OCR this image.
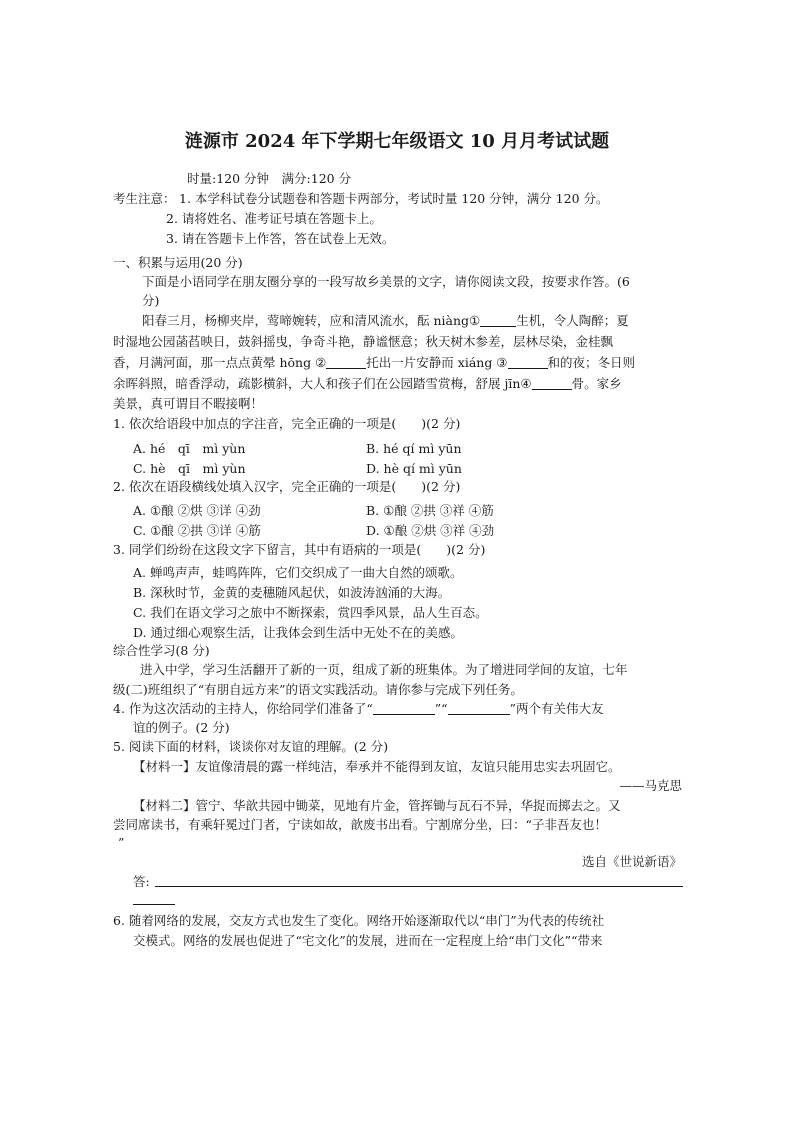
涟源市 2024 年下学期七年级语文 10 月月考试试题
时量:120 分钟　满分:120 分
考生注意： 1. 本学科试卷分试题卷和答题卡两部分，考试时量 120 分钟，满分 120 分。
2. 请将姓名、准考证号填在答题卡上。
3. 请在答题卡上作答，答在试卷上无效。
一、积累与运用(20 分)
下面是小语同学在朋友圈分享的一段写故乡美景的文字，请你阅读文段，按要求作答。(6
分)
阳春三月，杨柳夹岸，莺啼婉转，应和清风流水，酝 niàng①	生机，令人陶醉；夏
时湿地公园菡萏映日，鼓斜摇曳，争奇斗艳，静谧惬意；秋天树木参差，层林尽染，金桂飘
香，月满河面，那一点点黄晕 hōng ②	托出一片安静而 xiáng ③	和的夜；冬日则
余晖斜照，暗香浮动，疏影横斜，大人和孩子们在公园踏雪赏梅，舒展 jīn④	骨。家乡
美景，真可谓目不暇接啊！
1. 依次给语段中加点的字注音，完全正确的一项是(　　)(2 分)
A. hé　qī　mì yùn	B. hé qí mì yūn
C. hè　qī　mì yùn	D. hè qí mì yūn
2. 依次在语段横线处填入汉字，完全正确的一项是(　　)(2 分)
A. ①酿 ②烘 ③详 ④劲	B. ①酿 ②拱 ③祥 ④筋
C. ①酿 ②拱 ③详 ④筋	D. ①酿 ②烘 ③祥 ④劲
3. 同学们纷纷在这段文字下留言，其中有语病的一项是(　　)(2 分)
A. 蝉鸣声声，蛙鸣阵阵，它们交织成了一曲大自然的颂歌。
B. 深秋时节，金黄的麦穗随风起伏，如波涛汹涌的大海。
C. 我们在语文学习之旅中不断探索，赏四季风景，品人生百态。
D. 通过细心观察生活，让我体会到生活中无处不在的美感。
综合性学习(8 分)
进入中学，学习生活翻开了新的一页，组成了新的班集体。为了增进同学间的友谊，七年
级(二)班组织了“有朋自远方来”的语文实践活动。请你参与完成下列任务。
4. 作为这次活动的主持人，你给同学们准备了“	”“	”两个有关伟大友
谊的例子。(2 分)
5. 阅读下面的材料，谈谈你对友谊的理解。(2 分)
【材料一】友谊像清晨的露一样纯洁，奉承并不能得到友谊，友谊只能用忠实去巩固它。
——马克思
【材料二】管宁、华歆共园中锄菜，见地有片金，管挥锄与瓦石不异，华捉而掷去之。又
尝同席读书，有乘轩冕过门者，宁读如故，歆废书出看。宁割席分坐，曰：“子非吾友也！
”
选自《世说新语》
答:
6. 随着网络的发展，交友方式也发生了变化。网络开始逐渐取代以“串门”为代表的传统社
交模式。网络的发展也促进了“宅文化”的发展，进而在一定程度上给“串门文化”“带来
